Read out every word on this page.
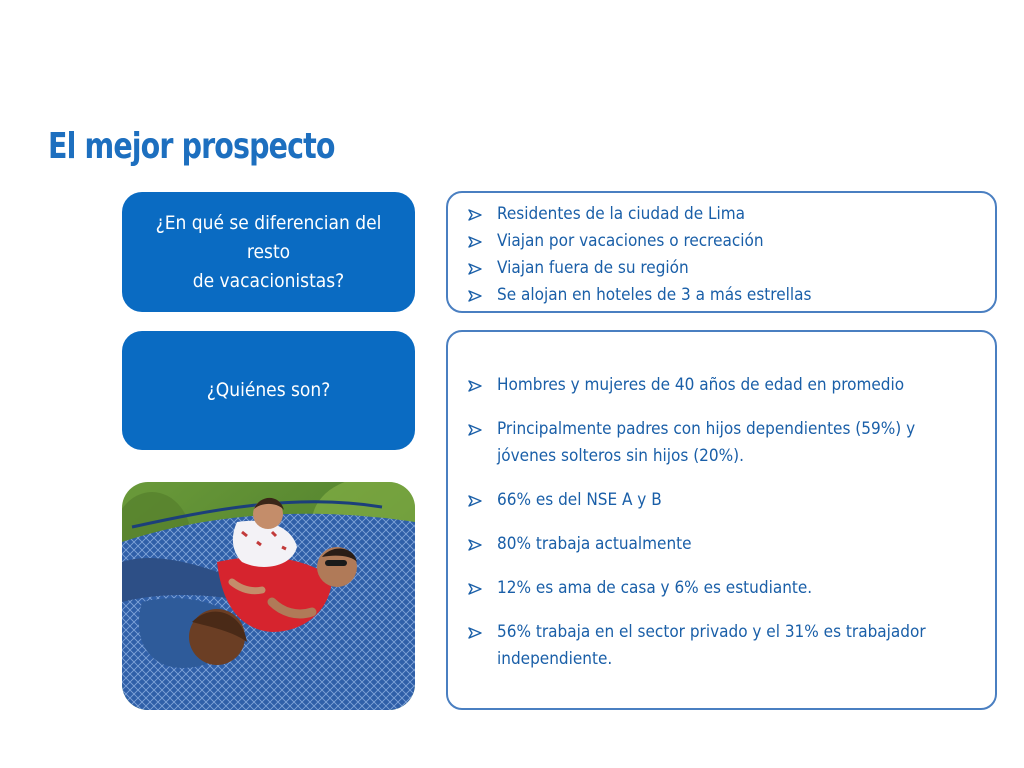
El mejor prospecto
¿En qué se diferencian del resto
de vacacionistas?
¿Quiénes son?
Residentes de la ciudad de Lima
Viajan por vacaciones o recreación
Viajan fuera de su región
Se alojan en hoteles de 3 a más estrellas
Hombres y mujeres de 40 años de edad en promedio
Principalmente padres con hijos dependientes (59%) y jóvenes solteros sin hijos (20%).
66% es del NSE A y B
80% trabaja actualmente
12% es ama de casa y 6% es estudiante.
56% trabaja en el sector privado y el 31% es trabajador independiente.
